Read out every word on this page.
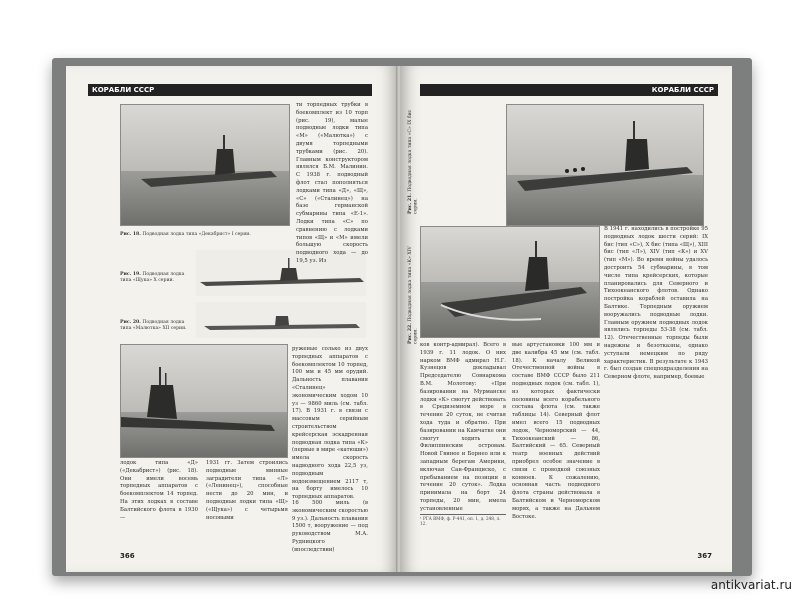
КОРАБЛИ СССР
Рис. 18. Подводная лодка типа «Декабрист» I серии.
Рис. 19. Подводная лодка типа «Щука» X серии.
Рис. 20. Подводная лодка типа «Малютка» XII серии.
ти торпедных трубки в боекомплект из 10 торп (рис. 19), малые подводные лодки типа «М» («Малютка») с двумя торпедными трубками (рис. 20). Главным конструктором являлся Б.М. Малинин. С 1938 г. подводный флот стал пополняться лодками типа «Д», «Щ», «С» («Сталинец») на базе германской субмарины типа «Е-1». Лодки типа «С» по сравнению с лодками типов «Щ» и «М» имели большую скорость подводного хода — до 19,5 уз. Из
руженые солько из двух торпедных аппаратов с боекомплектом 10 торпед, 100 мм и 45 мм орудий. Дальность плавания «Сталинец» экономическим ходом 10 уз — 9860 миль (см. табл. 17). В 1931 г. в связи с массовым серийным строительством крейсерская эскадренная подводная лодка типа «К» (первые в мире «катюши») имела скорость надводного хода 22,5 уз, подводным водоизмещением 2117 т, на борту имелось 10 торпедных аппаратов.
лодок типа «Д» («Декабрист») (рис. 18). Они имели восемь торпедных аппаратов с боекомплектом 14 торпед. На этих лодках в составе Балтийского флота в 1930—
1931 гг. Затем строились подводные минные заградители типа «Л» («Ленинец»), способные нести до 20 мин, и подводные лодки типа «Щ» («Щука») с четырьмя носовыми
16 500 миль (в экономическим скоростью 9 уз.). Дальность плавания 1500 т, вооружение — под руководством М.А. Рудницкого (впоследствии)
366
КОРАБЛИ СССР
Рис. 21. Подводная лодка типа «С» IX бис серии.
Рис. 22. Подводная лодка типа «К» XIV серии.
В 1941 г. находились в постройке 95 подводных лодок шести серий: IX бис (тип «С»), X бис (типа «Щ»), XIII бис (тип «Л»), XIV (тип «К») и XV (тип «М»). Во время войны удалось достроить 54 субмарины, в том числе типа крейсерских, которые планировались для Северного и Тихоокеанского флотов. Однако постройка кораблей оставила на Балтике. Торпедным оружием вооружались подводные лодки. Главным оружием подводных лодок являлись торпеды 53-38 (см. табл. 12). Отечественные торпеды были надежны и безотказны, однако уступали немецким по ряду характеристик. В результате к 1943 г. был создан спецподразделения на Северном флоте, например, боевые
ков контр-адмирал). Всего в 1939 г. 11 лодок. О них нарком ВМФ адмирал Н.Г. Кузнецов докладывал Председателю Совнаркома В.М. Молотову: «При базировании на Мурманске лодки «К» смогут действовать в Средиземном море в течение 20 суток, не считая хода туда и обратно. При базировании на Камчатке они смогут ходить к Филиппинским островам. Новой Гвинее и Борнео или к западным берегам Америки, включая Сан-Франциско, с пребыванием на позиции в течение 20 суток». Лодка принимала на борт 24 торпеды, 20 мин, имела установленные
вые артустановки 100 мм и две калибра 45 мм (см. табл. 18). К началу Великой Отечественной войны в составе ВМФ СССР было 211 подводных лодок (см. табл. 1), из которых фактически половины всего корабельного состава флота (см. также таблицы 14). Северный флот имел всего 15 подводных лодок, Черноморский — 44, Тихоокеанский — 86, Балтийский — 65. Северный театр военных действий приобрел особое значение в связи с проводкой союзных конвоев. К сожалению, основная часть подводного флота страны действовала в Балтийском и Черноморском морях, а также на Дальнем Востоке.
¹ РГА ВМФ, ф. Р-441, оп. 1, д. 248, л. 12.
367
antikvariat.ru
